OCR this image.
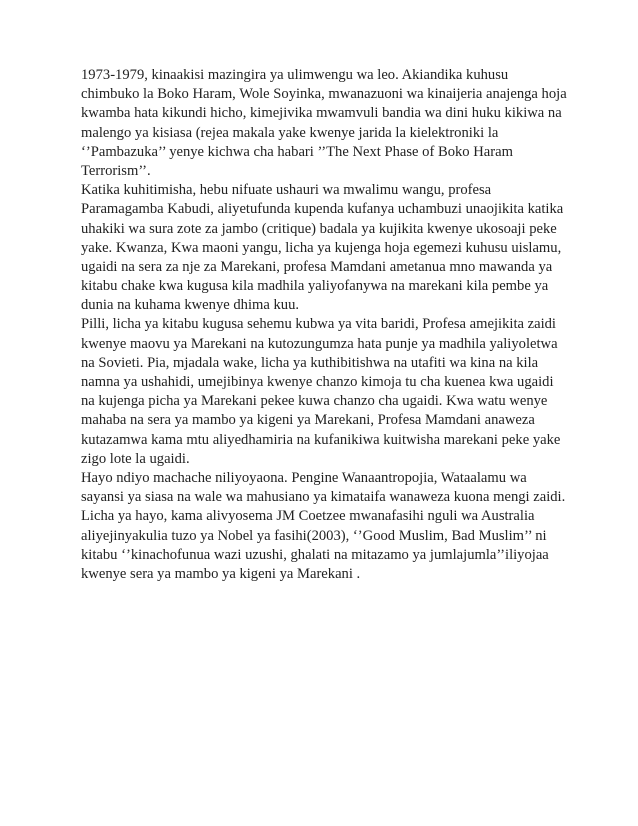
1973-1979, kinaakisi mazingira ya ulimwengu wa leo. Akiandika kuhusu
chimbuko la Boko Haram, Wole Soyinka, mwanazuoni wa kinaijeria anajenga hoja
kwamba hata kikundi hicho, kimejivika mwamvuli bandia wa dini huku kikiwa na
malengo ya kisiasa (rejea makala yake kwenye jarida la kielektroniki la
‘’Pambazuka’’ yenye kichwa cha habari ’’The Next Phase of Boko Haram
Terrorism’’.
Katika kuhitimisha, hebu nifuate ushauri wa mwalimu wangu, profesa
Paramagamba Kabudi, aliyetufunda kupenda kufanya uchambuzi unaojikita katika
uhakiki wa sura zote za jambo (critique) badala ya kujikita kwenye ukosoaji peke
yake. Kwanza, Kwa maoni yangu, licha ya kujenga hoja egemezi kuhusu uislamu,
ugaidi na sera za nje za Marekani, profesa Mamdani ametanua mno mawanda ya
kitabu chake kwa kugusa kila madhila yaliyofanywa na marekani kila pembe ya
dunia na kuhama kwenye dhima kuu.
Pilli, licha ya kitabu kugusa sehemu kubwa ya vita baridi, Profesa amejikita zaidi
kwenye maovu ya Marekani na kutozungumza hata punje ya madhila yaliyoletwa
na Sovieti. Pia, mjadala wake, licha ya kuthibitishwa na utafiti wa kina na kila
namna ya ushahidi, umejibinya kwenye chanzo kimoja tu cha kuenea kwa ugaidi
na kujenga picha ya Marekani pekee kuwa chanzo cha ugaidi. Kwa watu wenye
mahaba na sera ya mambo ya kigeni ya Marekani, Profesa Mamdani anaweza
kutazamwa kama mtu aliyedhamiria na kufanikiwa kuitwisha marekani peke yake
zigo lote la ugaidi.
Hayo ndiyo machache niliyoyaona. Pengine Wanaantropojia, Wataalamu wa
sayansi ya siasa na wale wa mahusiano ya kimataifa wanaweza kuona mengi zaidi.
Licha ya hayo, kama alivyosema JM Coetzee mwanafasihi nguli wa Australia
aliyejinyakulia tuzo ya Nobel ya fasihi(2003), ‘’Good Muslim, Bad Muslim’’ ni
kitabu ‘’kinachofunua wazi uzushi, ghalati na mitazamo ya jumlajumla’’iliyojaa
kwenye sera ya mambo ya kigeni ya Marekani .
